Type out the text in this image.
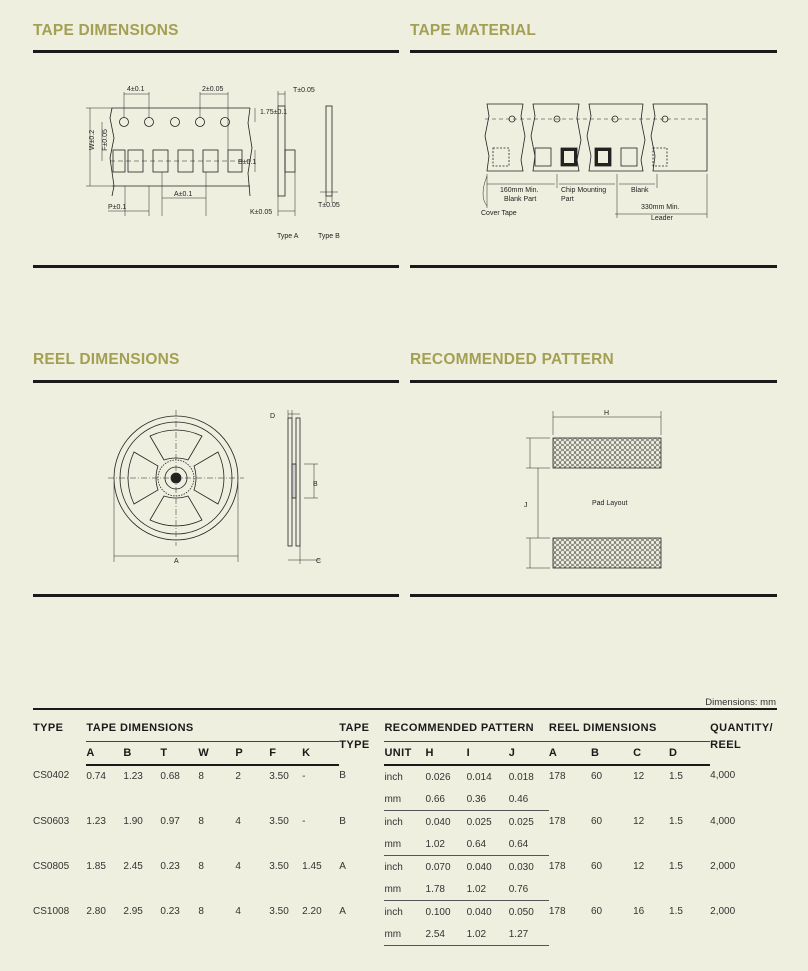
TAPE DIMENSIONS	TAPE MATERIAL
REEL DIMENSIONS	RECOMMENDED PATTERN
4±0.1	2±0.05	T±0.05
1.75±0.1
W±0.2 F±0.05
B±0.1
A±0.1
P±0.1
K±0.05
T±0.05
Type A	Type B
160mm Min.
Blank Part
Chip Mounting
Part
Blank
330mm Min.
Leader
Cover Tape
A
B
C
D	H
J	Pad Layout
Dimensions: mm
TYPE	TAPE DIMENSIONS							TAPE TYPE	RECOMMENDED PATTERN				REEL DIMENSIONS				QUANTITY/ REEL
	A	B	T	W	P	F	K		UNIT	H	I	J	A	B	C	D	
CS0402	0.74	1.23	0.68	8	2	3.50	-	B	inch	0.026	0.014	0.018	178	60	12	1.5	4,000
									mm	0.66	0.36	0.46					
CS0603	1.23	1.90	0.97	8	4	3.50	-	B	inch	0.040	0.025	0.025	178	60	12	1.5	4,000
									mm	1.02	0.64	0.64					
CS0805	1.85	2.45	0.23	8	4	3.50	1.45	A	inch	0.070	0.040	0.030	178	60	12	1.5	2,000
									mm	1.78	1.02	0.76					
CS1008	2.80	2.95	0.23	8	4	3.50	2.20	A	inch	0.100	0.040	0.050	178	60	16	1.5	2,000
									mm	2.54	1.02	1.27					
